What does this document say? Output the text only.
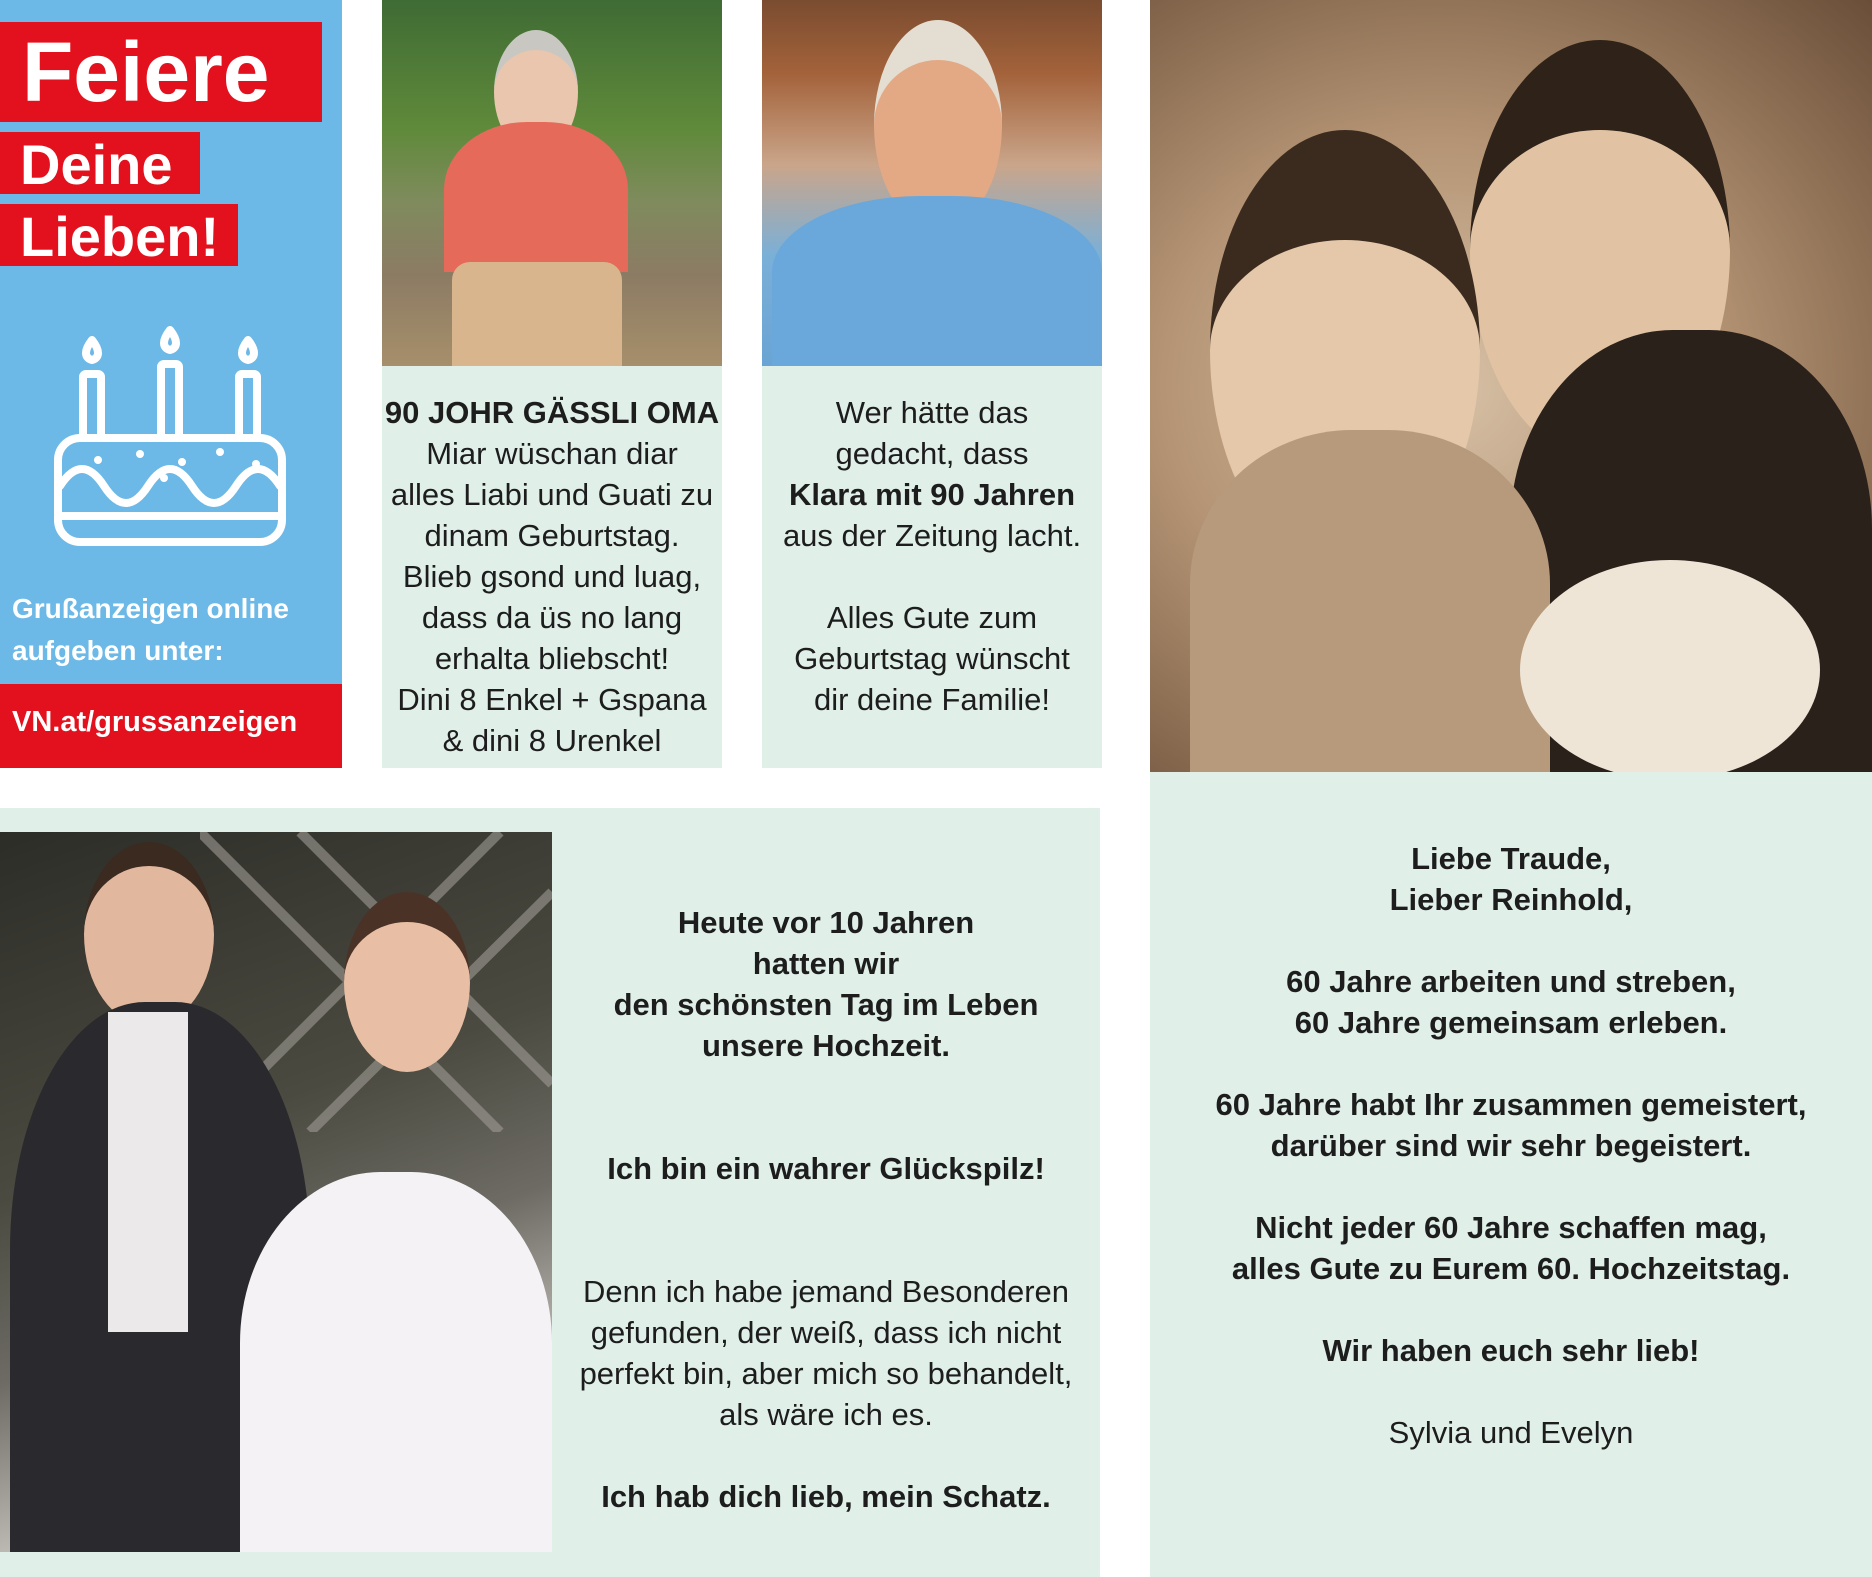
Feiere
Deine
Lieben!
Grußanzeigen online
aufgeben unter:
VN.at/grussanzeigen
90 JOHR GÄSSLI OMA
Miar wüschan diar
alles Liabi und Guati zu
dinam Geburtstag.
Blieb gsond und luag,
dass da üs no lang
erhalta bliebscht!
Dini 8 Enkel + Gspana
& dini 8 Urenkel
Wer hätte das
gedacht, dass
Klara mit 90 Jahren
aus der Zeitung lacht.
Alles Gute zum
Geburtstag wünscht
dir deine Familie!
Liebe Traude,
Lieber Reinhold,
60 Jahre arbeiten und streben,
60 Jahre gemeinsam erleben.
60 Jahre habt Ihr zusammen gemeistert,
darüber sind wir sehr begeistert.
Nicht jeder 60 Jahre schaffen mag,
alles Gute zu Eurem 60. Hochzeitstag.
Wir haben euch sehr lieb!
Sylvia und Evelyn
Heute vor 10 Jahren
hatten wir
den schönsten Tag im Leben
unsere Hochzeit.
Ich bin ein wahrer Glückspilz!
Denn ich habe jemand Besonderen
gefunden, der weiß, dass ich nicht
perfekt bin, aber mich so behandelt,
als wäre ich es.
Ich hab dich lieb, mein Schatz.
